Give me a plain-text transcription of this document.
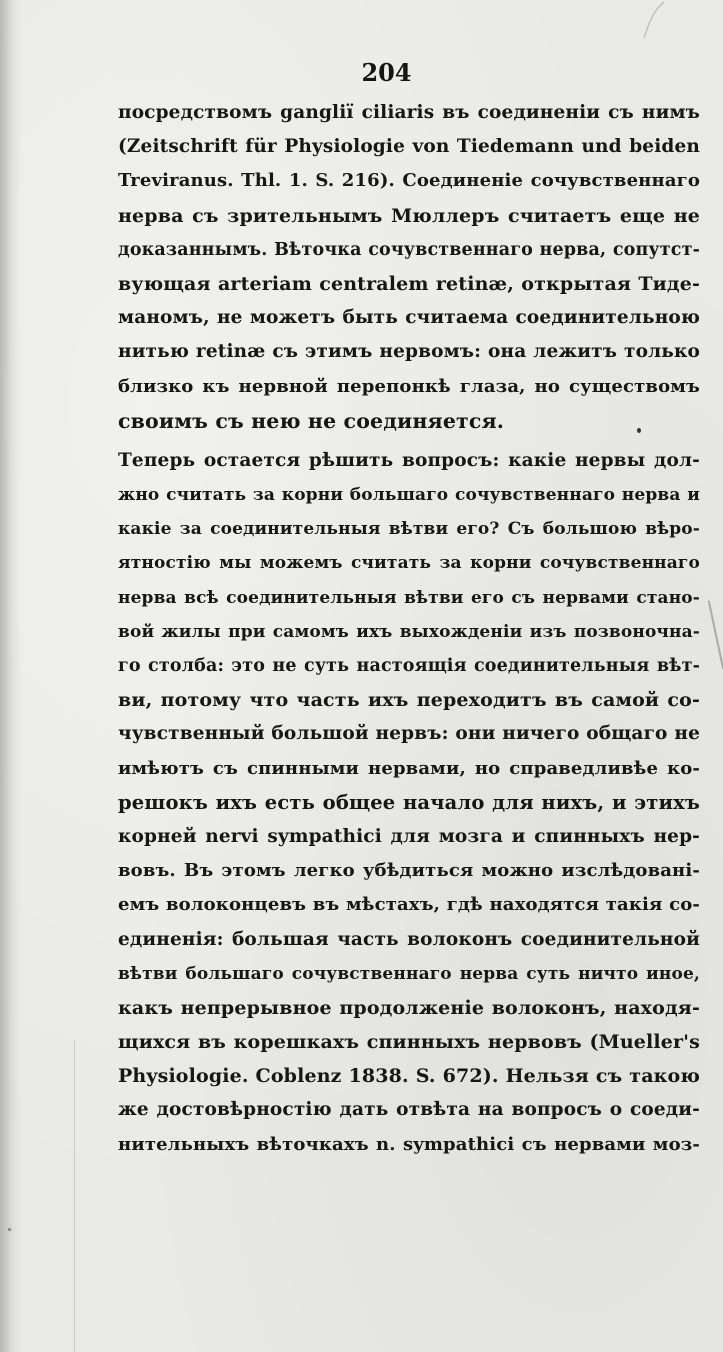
204
посредствомъ gangliï ciliaris въ соединенiи съ нимъ
(Zeitschrift für Physiologie von Tiedemann und beiden
Treviranus. Thl. 1. S. 216). Соединенiе сочувственнаго
нерва съ зрительнымъ Мюллеръ считаетъ еще не
доказаннымъ. Вѣточка сочувственнаго нерва, сопутст-
вующая arteriam centralem retinæ, открытая Тиде-
маномъ, не можетъ быть считаема соединительною
нитью retinæ съ этимъ нервомъ: она лежитъ только
близко къ нервной перепонкѣ глаза, но существомъ
своимъ съ нею не соединяется.
Теперь остается рѣшить вопросъ: какiе нервы дол-
жно считать за корни большаго сочувственнаго нерва и
какiе за соединительныя вѣтви его? Съ большою вѣро-
ятностiю мы можемъ считать за корни сочувственнаго
нерва всѣ соединительныя вѣтви его съ нервами стано-
вой жилы при самомъ ихъ выхожденiи изъ позвоночна-
го столба: это не суть настоящiя соединительныя вѣт-
ви, потому что часть ихъ переходитъ въ самой со-
чувственный большой нервъ: они ничего общаго не
имѣютъ съ спинными нервами, но справедливѣе ко-
решокъ ихъ есть общее начало для нихъ, и этихъ
корней nervi sympathici для мозга и спинныхъ нер-
вовъ. Въ этомъ легко убѣдиться можно изслѣдованi-
емъ волоконцевъ въ мѣстахъ, гдѣ находятся такiя со-
единенiя: большая часть волоконъ соединительной
вѣтви большаго сочувственнаго нерва суть ничто иное,
какъ непрерывное продолженiе волоконъ, находя-
щихся въ корешкахъ спинныхъ нервовъ (Mueller's
Physiologie. Coblenz 1838. S. 672). Нельзя съ такою
же достовѣрностiю дать отвѣта на вопросъ о соеди-
нительныхъ вѣточкахъ n. sympathici съ нервами моз-
